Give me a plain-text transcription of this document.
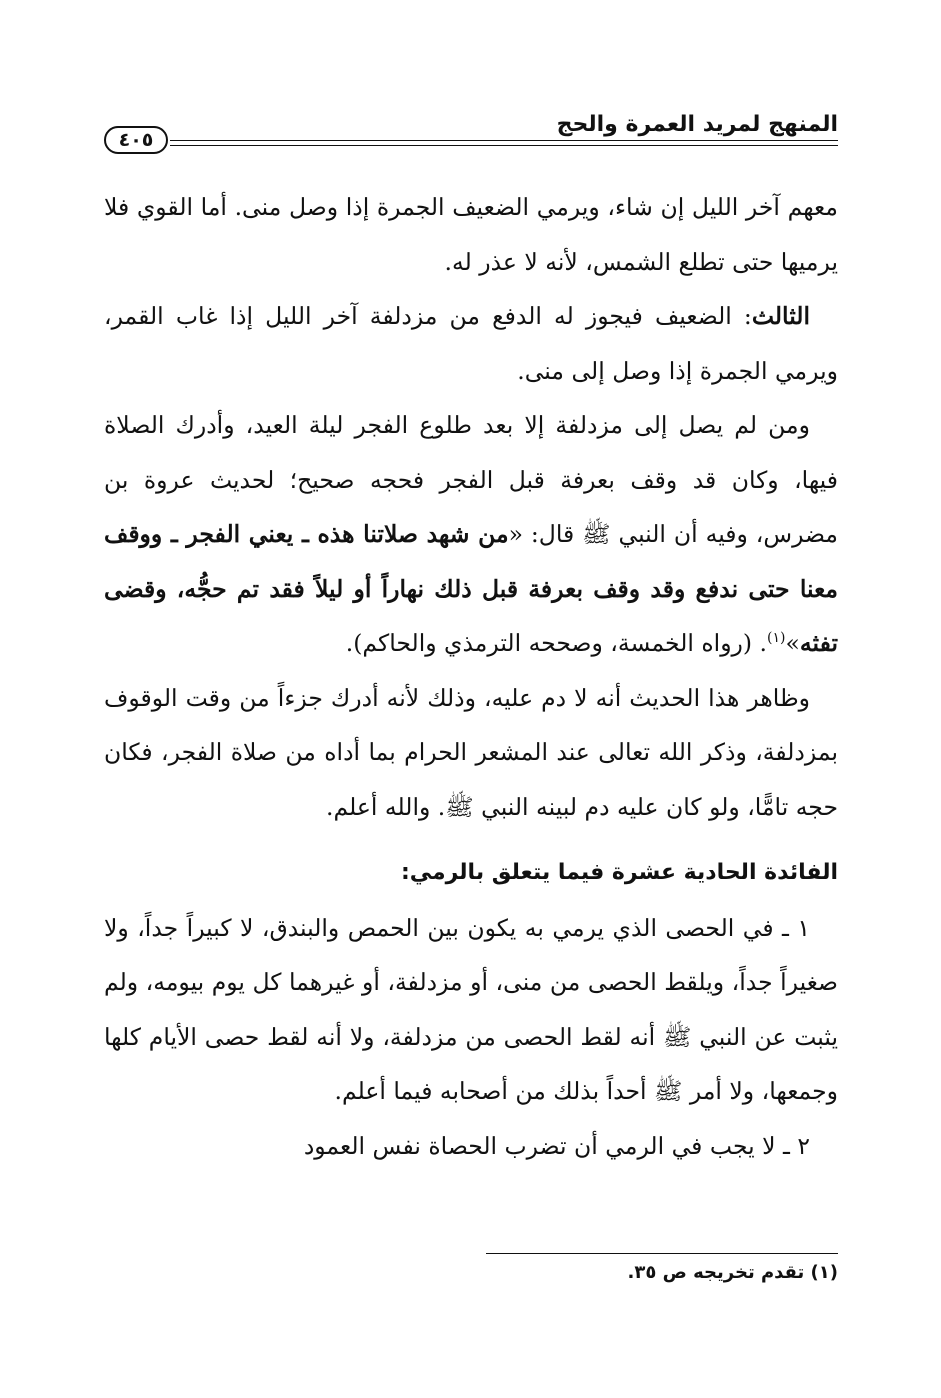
المنهج لمريد العمرة والحج
٤٠٥

معهم آخر الليل إن شاء، ويرمي الضعيف الجمرة إذا وصل منى. أما القوي فلا يرميها حتى تطلع الشمس، لأنه لا عذر له.

الثالث: الضعيف فيجوز له الدفع من مزدلفة آخر الليل إذا غاب القمر، ويرمي الجمرة إذا وصل إلى منى.

ومن لم يصل إلى مزدلفة إلا بعد طلوع الفجر ليلة العيد، وأدرك الصلاة فيها، وكان قد وقف بعرفة قبل الفجر فحجه صحيح؛ لحديث عروة بن مضرس، وفيه أن النبي ﷺ قال: «من شهد صلاتنا هذه ـ يعني الفجر ـ ووقف معنا حتى ندفع وقد وقف بعرفة قبل ذلك نهاراً أو ليلاً فقد تم حجُّه، وقضى تفثه»$^{(١)}$. (رواه الخمسة، وصححه الترمذي والحاكم).

وظاهر هذا الحديث أنه لا دم عليه، وذلك لأنه أدرك جزءاً من وقت الوقوف بمزدلفة، وذكر الله تعالى عند المشعر الحرام بما أداه من صلاة الفجر، فكان حجه تامًّا، ولو كان عليه دم لبينه النبي ﷺ. والله أعلم.

الفائدة الحادية عشرة فيما يتعلق بالرمي:

١ ـ في الحصى الذي يرمي به يكون بين الحمص والبندق، لا كبيراً جداً، ولا صغيراً جداً، ويلقط الحصى من منى، أو مزدلفة، أو غيرهما كل يوم بيومه، ولم يثبت عن النبي ﷺ أنه لقط الحصى من مزدلفة، ولا أنه لقط حصى الأيام كلها وجمعها، ولا أمر ﷺ أحداً بذلك من أصحابه فيما أعلم.

٢ ـ لا يجب في الرمي أن تضرب الحصاة نفس العمود

(١) تقدم تخريجه ص ٣٥.
